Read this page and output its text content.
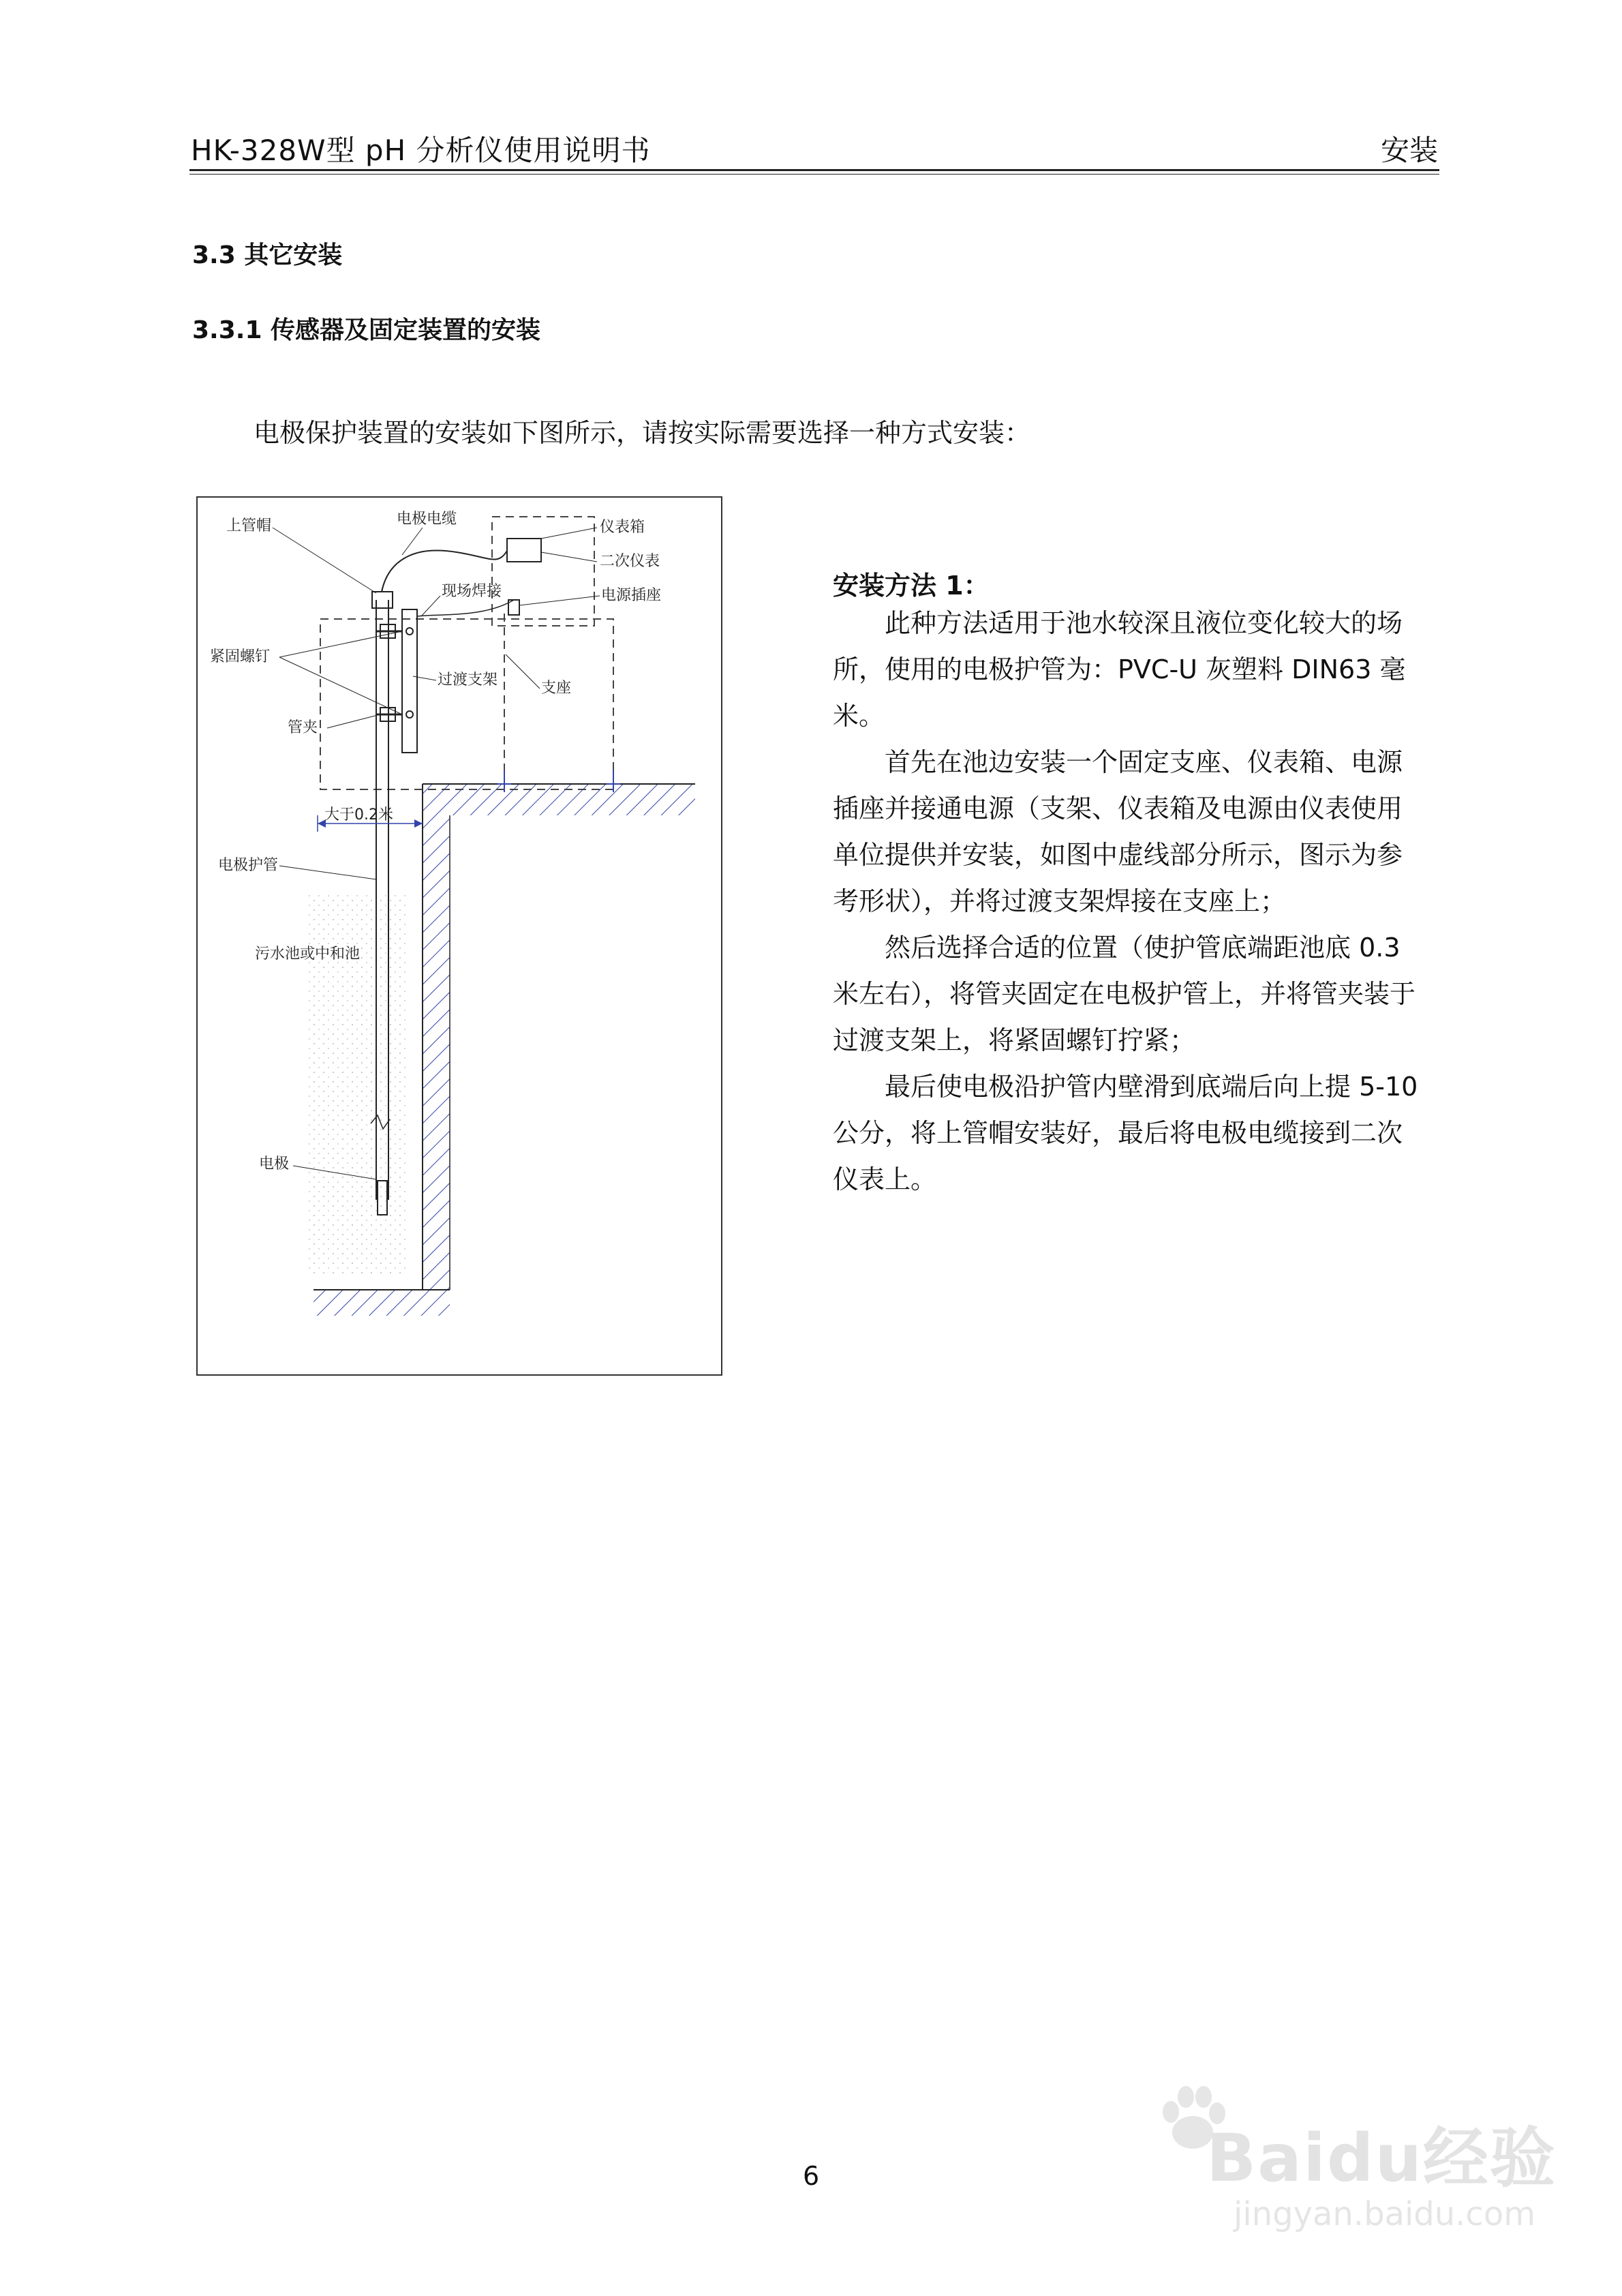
HK-328W型 pH 分析仪使用说明书	安装
3.3 其它安装
3.3.1 传感器及固定装置的安装
电极保护装置的安装如下图所示，请按实际需要选择一种方式安装：
上管帽	电极电缆	仪表箱
二次仪表
现场焊接	电源插座
紧固螺钉
过渡支架	支座
管夹
大于0.2米
电极护管
污水池或中和池
电极
安装方法 1：

此种方法适用于池水较深且液位变化较大的场所，使用的电极护管为：PVC-U 灰塑料 DIN63 毫米。

首先在池边安装一个固定支座、仪表箱、电源插座并接通电源（支架、仪表箱及电源由仪表使用单位提供并安装，如图中虚线部分所示，图示为参考形状），并将过渡支架焊接在支座上；

然后选择合适的位置（使护管底端距池底 0.3 米左右），将管夹固定在电极护管上，并将管夹装于过渡支架上，将紧固螺钉拧紧；

最后使电极沿护管内壁滑到底端后向上提 5-10 公分，将上管帽安装好，最后将电极电缆接到二次仪表上。

Baidu经验
jingyan.baidu.com
6
